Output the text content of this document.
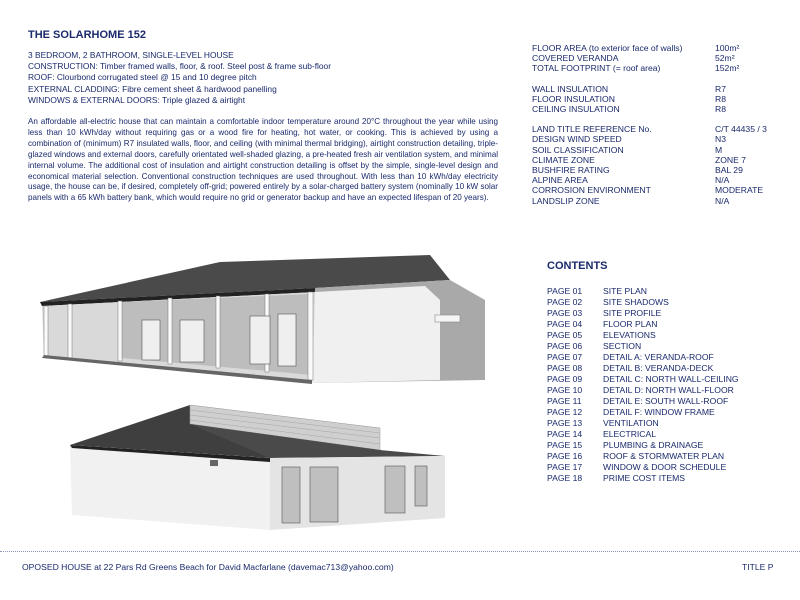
THE SOLARHOME 152
3 BEDROOM, 2 BATHROOM, SINGLE-LEVEL HOUSE
CONSTRUCTION: Timber framed walls, floor, & roof. Steel post & frame sub-floor
ROOF: Clourbond corrugated steel @ 15 and 10 degree pitch
EXTERNAL CLADDING: Fibre cement sheet & hardwood panelling
WINDOWS & EXTERNAL DOORS: Triple glazed & airtight
An affordable all-electric house that can maintain a comfortable indoor temperature around 20°C throughout the year while using less than 10 kWh/day without requiring gas or a wood fire for heating, hot water, or cooking. This is achieved by using a combination of (minimum) R7 insulated walls, floor, and ceiling (with minimal thermal bridging), airtight construction detailing, triple-glazed windows and external doors, carefully orientated well-shaded glazing, a pre-heated fresh air ventilation system, and minimal internal volume. The additional cost of insulation and airtight construction detailing is offset by the simple, single-level design and economical material selection. Conventional construction techniques are used throughout. With less than 10 kWh/day electricity usage, the house can be, if desired, completely off-grid; powered entirely by a solar-charged battery system (nominally 10 kW solar panels with a 65 kWh battery bank, which would require no grid or generator backup and have an expected lifespan of 20 years).
FLOOR AREA (to exterior face of walls)	100m²
COVERED VERANDA	52m²
TOTAL FOOTPRINT (= roof area)	152m²
WALL INSULATION	R7
FLOOR INSULATION	R8
CEILING INSULATION	R8
LAND TITLE REFERENCE No.	C/T 44435 / 3
DESIGN WIND SPEED	N3
SOIL CLASSIFICATION	M
CLIMATE ZONE	ZONE 7
BUSHFIRE RATING	BAL 29
ALPINE AREA	N/A
CORROSION ENVIRONMENT	MODERATE
LANDSLIP ZONE	N/A
CONTENTS
PAGE 01	SITE PLAN
PAGE 02	SITE SHADOWS
PAGE 03	SITE PROFILE
PAGE 04	FLOOR PLAN
PAGE 05	ELEVATIONS
PAGE 06	SECTION
PAGE 07	DETAIL A: VERANDA-ROOF
PAGE 08	DETAIL B: VERANDA-DECK
PAGE 09	DETAIL C: NORTH WALL-CEILING
PAGE 10	DETAIL D: NORTH WALL-FLOOR
PAGE 11	DETAIL E: SOUTH WALL-ROOF
PAGE 12	DETAIL F: WINDOW FRAME
PAGE 13	VENTILATION
PAGE 14	ELECTRICAL
PAGE 15	PLUMBING & DRAINAGE
PAGE 16	ROOF & STORMWATER PLAN
PAGE 17	WINDOW & DOOR SCHEDULE
PAGE 18	PRIME COST ITEMS
OPOSED HOUSE at 22 Pars Rd Greens Beach for David Macfarlane (davemac713@yahoo.com)	TITLE P
